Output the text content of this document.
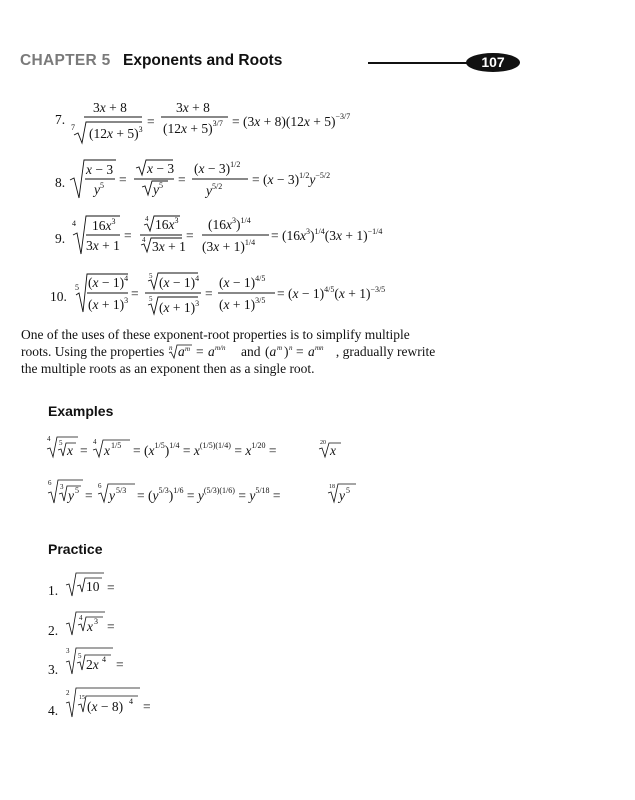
CHAPTER 5 Exponents and Roots	107
7.
3x + 8
7 $(12x + 5)^3$
=
3x + 8
$(12x + 5)^{3/7} = (3x + 8)(12x + 5)^{-3/7}$
8.
x − 3
$y^5$ =
x − 3
$y^5$ =
$(x - 3)^{1/2}$
$y^{5/2} = (x - 3)^{1/2}y^{-5/2}$
9.
4 $16x^3$
3x + 1
=
4 $16x^3$
4 3x + 1
=
$(16x^3)^{1/4}$
$(3x + 1)^{1/4} = (16x^3)^{1/4}(3x + 1)^{-1/4}$
10.
5 $(x - 1)^4$
$(x + 1)^3$ =
5 $(x - 1)^4$
5
$(x + 1)^3$
=
$(x - 1)^{4/5}$
$(x + 1)^{3/5} = (x - 1)^{4/5}(x + 1)^{-3/5}$

One of the uses of these exponent-root properties is to simplify multiple

roots. Using the properties n a m = a m/n and (a m ) n = a mn , gradually rewrite

the multiple roots as an exponent then as a single root.

Examples
4 5 x =
4
x $1/5 = (x^{1/5})^{1/4} = x^{(1/5)(1/4)} = x^{1/20}$ =	20 x
6 3
y 5 =
6
y $5/3 = (y^{5/3})^{1/6} = y^{(5/3)(1/6)} = y^{5/18}$ =
18
y 5
Practice
1. 10 =
2.
4
x 3 =
3.
3
5
2x 4 =
4.
2
15
(x − 8) 4 =
